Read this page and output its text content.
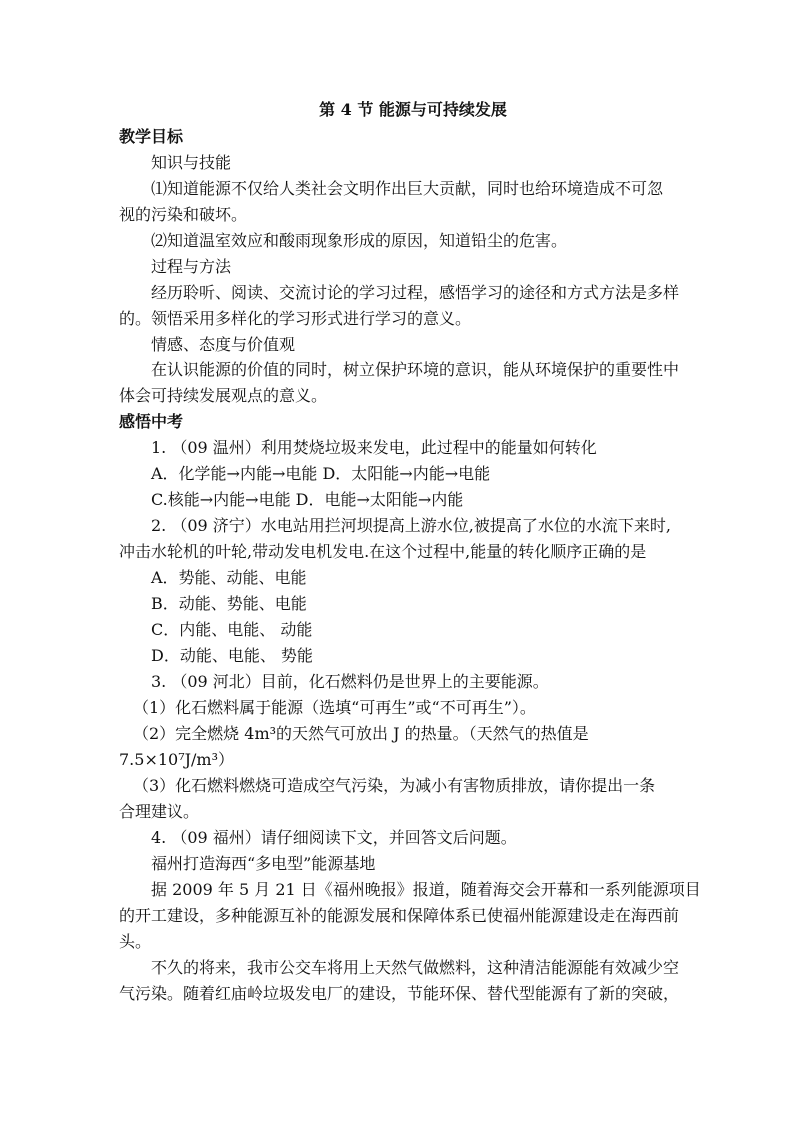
第 4 节 能源与可持续发展
教学目标
知识与技能
⑴知道能源不仅给人类社会文明作出巨大贡献，同时也给环境造成不可忽
视的污染和破坏。
⑵知道温室效应和酸雨现象形成的原因，知道铅尘的危害。
过程与方法
经历聆听、阅读、交流讨论的学习过程，感悟学习的途径和方式方法是多样
的。领悟采用多样化的学习形式进行学习的意义。
情感、态度与价值观
在认识能源的价值的同时，树立保护环境的意识，能从环境保护的重要性中
体会可持续发展观点的意义。
感悟中考
1. （09 温州）利用焚烧垃圾来发电，此过程中的能量如何转化
A．化学能→内能→电能 D．太阳能→内能→电能
C.核能→内能→电能 D．电能→太阳能→内能
2. （09 济宁）水电站用拦河坝提高上游水位,被提高了水位的水流下来时,
冲击水轮机的叶轮,带动发电机发电.在这个过程中,能量的转化顺序正确的是
A．势能、动能、电能
B．动能、势能、电能
C．内能、电能、 动能
D．动能、电能、 势能
3. （09 河北）目前，化石燃料仍是世界上的主要能源。
（1）化石燃料属于能源（选填“可再生”或“不可再生”）。
（2）完全燃烧 4m³的天然气可放出 J 的热量。（天然气的热值是
7.5×10⁷J/m³）
（3）化石燃料燃烧可造成空气污染，为减小有害物质排放，请你提出一条
合理建议。
4. （09 福州）请仔细阅读下文，并回答文后问题。
福州打造海西“多电型”能源基地
据 2009 年 5 月 21 日《福州晚报》报道，随着海交会开幕和一系列能源项目
的开工建设，多种能源互补的能源发展和保障体系已使福州能源建设走在海西前
头。
不久的将来，我市公交车将用上天然气做燃料，这种清洁能源能有效减少空
气污染。随着红庙岭垃圾发电厂的建设，节能环保、替代型能源有了新的突破，
